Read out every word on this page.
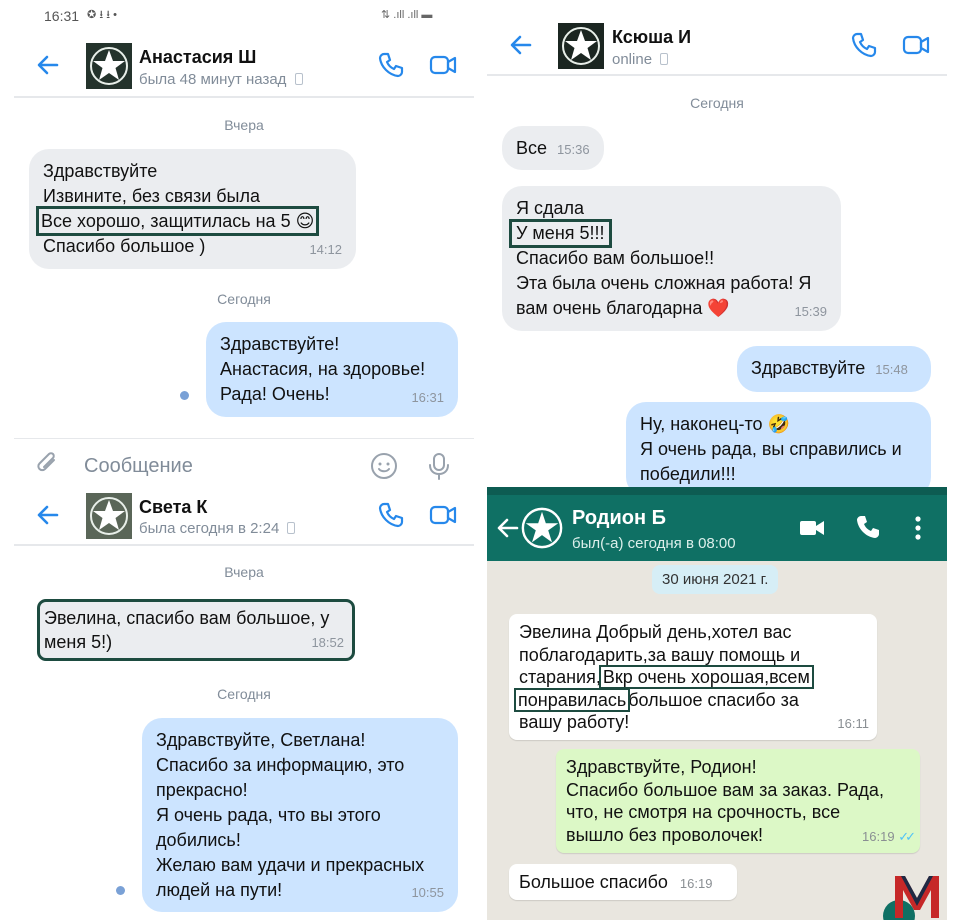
16:31 ✪ ⭳ ⭳ •	⇅ .ıll .ıll ▬
Анастасия Ш
была 48 минут назад
Вчера
Здравствуйте
Извините, без связи была
Все хорошо, защитилась на 5 😊
Спасибо большое )	14:12
Сегодня
Здравствуйте!
Анастасия, на здоровье!
Рада! Очень!	16:31
Сообщение
Ксюша И
online
Сегодня
Все 15:36
Я сдала
У меня 5!!!
Спасибо вам большое!!
Эта была очень сложная работа! Я
вам очень благодарна ❤️	15:39
Здравствуйте 15:48
Ну, наконец-то 🤣
Я очень рада, вы справились и
победили!!!
Света К
была сегодня в 2:24
Вчера
Эвелина, спасибо вам большое, у
меня 5!)	18:52
Сегодня
Здравствуйте, Светлана!
Спасибо за информацию, это
прекрасно!
Я очень рада, что вы этого
добились!
Желаю вам удачи и прекрасных
людей на пути!	10:55
Родион Б
был(-а) сегодня в 08:00
30 июня 2021 г.
Эвелина Добрый день,хотел вас
поблагодарить,за вашу помощь и
старания, Вкр очень хорошая,всем
понравилась большое спасибо за
вашу работу!	16:11
Здравствуйте, Родион!
Спасибо большое вам за заказ. Рада,
что, не смотря на срочность, все
вышло без проволочек!	16:19 ✓✓
Большое спасибо 16:19
